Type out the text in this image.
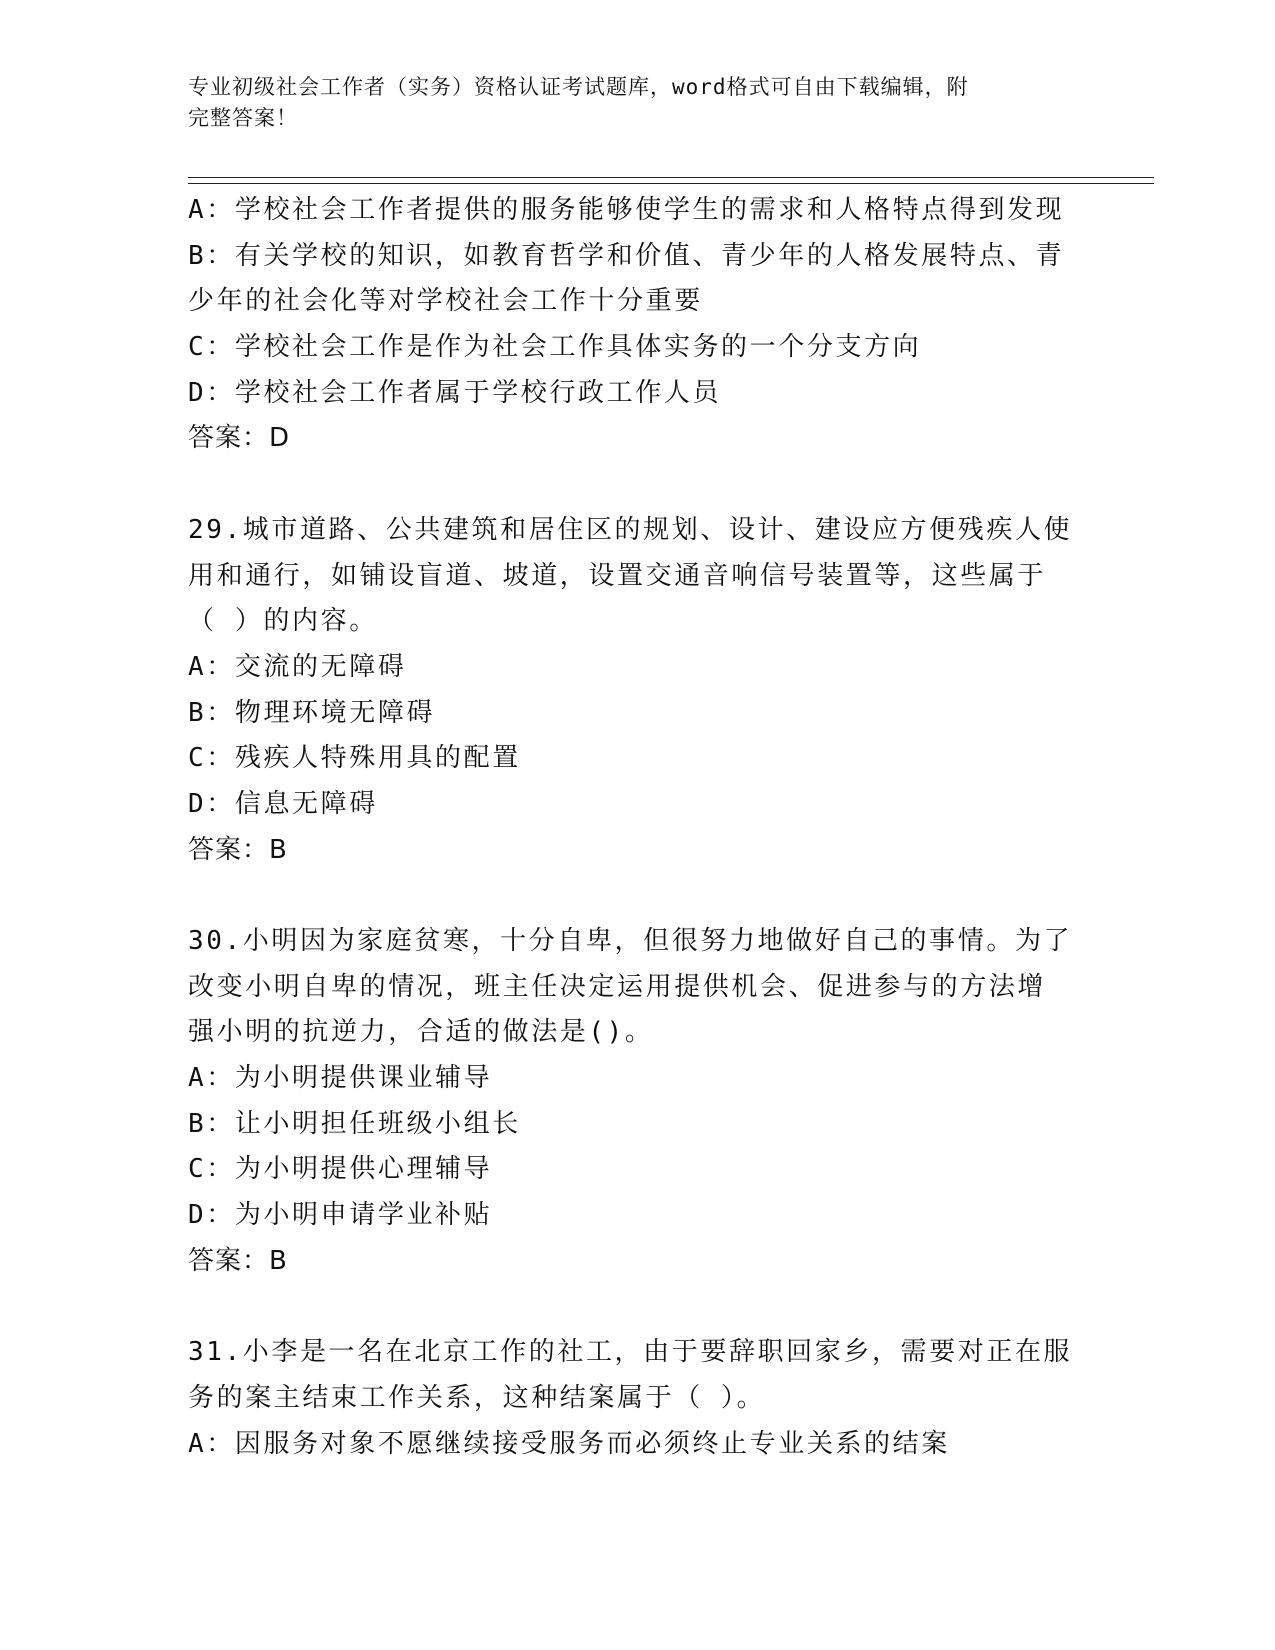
专业初级社会工作者（实务）资格认证考试题库，word格式可自由下载编辑，附
完整答案！
A：学校社会工作者提供的服务能够使学生的需求和人格特点得到发现
B：有关学校的知识，如教育哲学和价值、青少年的人格发展特点、青
少年的社会化等对学校社会工作十分重要
C：学校社会工作是作为社会工作具体实务的一个分支方向
D：学校社会工作者属于学校行政工作人员
答案：D
29.城市道路、公共建筑和居住区的规划、设计、建设应方便残疾人使
用和通行，如铺设盲道、坡道，设置交通音响信号装置等，这些属于
（ ）的内容。
A：交流的无障碍
B：物理环境无障碍
C：残疾人特殊用具的配置
D：信息无障碍
答案：B
30.小明因为家庭贫寒，十分自卑，但很努力地做好自己的事情。为了
改变小明自卑的情况，班主任决定运用提供机会、促进参与的方法增
强小明的抗逆力，合适的做法是()。
A：为小明提供课业辅导
B：让小明担任班级小组长
C：为小明提供心理辅导
D：为小明申请学业补贴
答案：B
31.小李是一名在北京工作的社工，由于要辞职回家乡，需要对正在服
务的案主结束工作关系，这种结案属于（ ）。
A：因服务对象不愿继续接受服务而必须终止专业关系的结案
